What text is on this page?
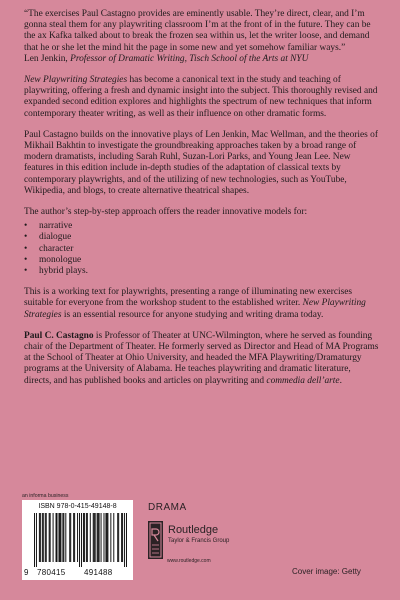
“The exercises Paul Castagno provides are eminently usable. They’re direct, clear, and I’m gonna steal them for any playwriting classroom I’m at the front of in the future. They can be the ax Kafka talked about to break the frozen sea within us, let the writer loose, and demand that he or she let the mind hit the page in some new and yet somehow familiar ways.”
Len Jenkin, Professor of Dramatic Writing, Tisch School of the Arts at NYU

New Playwriting Strategies has become a canonical text in the study and teaching of playwriting, offering a fresh and dynamic insight into the subject. This thoroughly revised and expanded second edition explores and highlights the spectrum of new techniques that inform contemporary theater writing, as well as their influence on other dramatic forms.

Paul Castagno builds on the innovative plays of Len Jenkin, Mac Wellman, and the theories of Mikhail Bakhtin to investigate the groundbreaking approaches taken by a broad range of modern dramatists, including Sarah Ruhl, Suzan-Lori Parks, and Young Jean Lee. New features in this edition include in-depth studies of the adaptation of classical texts by contemporary playwrights, and of the utilizing of new technologies, such as YouTube, Wikipedia, and blogs, to create alternative theatrical shapes.

The author’s step-by-step approach offers the reader innovative models for:

• narrative
• dialogue
• character
• monologue
• hybrid plays.

This is a working text for playwrights, presenting a range of illuminating new exercises suitable for everyone from the workshop student to the established writer. New Playwriting Strategies is an essential resource for anyone studying and writing drama today.

Paul C. Castagno is Professor of Theater at UNC-Wilmington, where he served as founding chair of the Department of Theater. He formerly served as Director and Head of MA Programs at the School of Theater at Ohio University, and headed the MFA Playwriting/Dramaturgy programs at the University of Alabama. He teaches playwriting and dramatic literature, directs, and has published books and articles on playwriting and commedia dell’arte.

an informa business
ISBN 978-0-415-49148-8
9 780415 491488
DRAMA
Routledge
Taylor & Francis Group
www.routledge.com
Cover image: Getty
